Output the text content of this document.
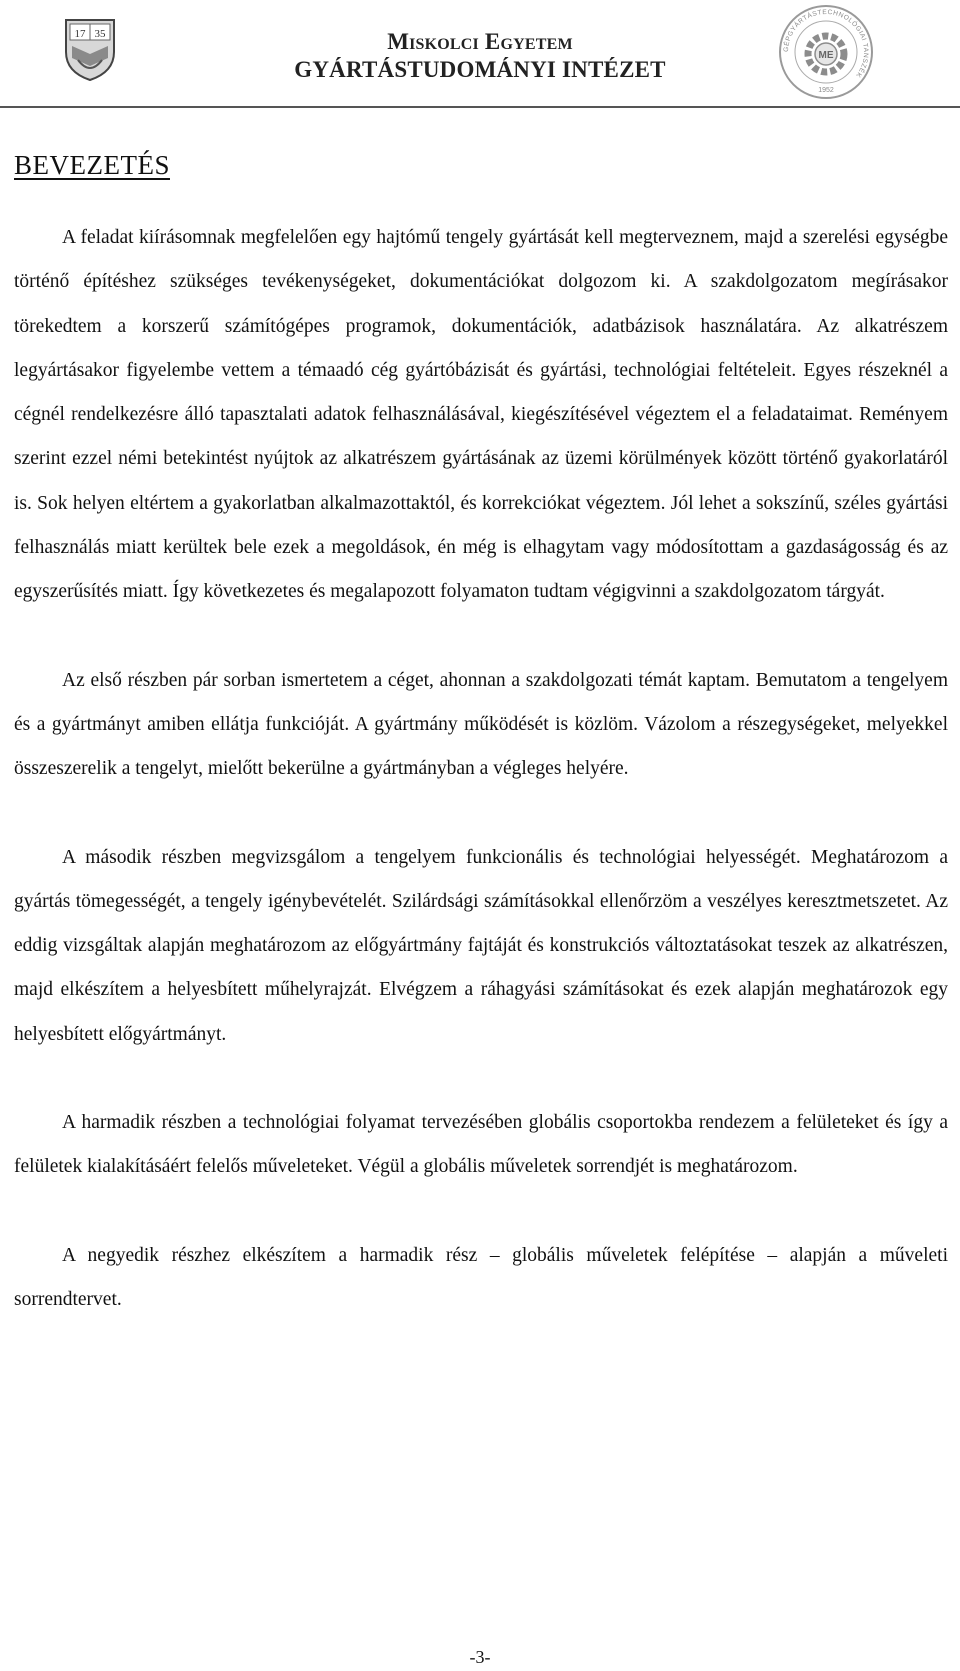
17 35	Miskolci Egyetem
GYÁRTÁSTUDOMÁNYI INTÉZET
GÉPGYÁRTÁSTECHNOLÓGIAI TANSZÉK
ME
1952
BEVEZETÉS

A feladat kiírásomnak megfelelően egy hajtómű tengely gyártását kell megterveznem, majd a szerelési egységbe történő építéshez szükséges tevékenységeket, dokumentációkat dolgozom ki. A szakdolgozatom megírásakor törekedtem a korszerű számítógépes programok, dokumentációk, adatbázisok használatára. Az alkatrészem legyártásakor figyelembe vettem a témaadó cég gyártóbázisát és gyártási, technológiai feltételeit. Egyes részeknél a cégnél rendelkezésre álló tapasztalati adatok felhasználásával, kiegészítésével végeztem el a feladataimat. Reményem szerint ezzel némi betekintést nyújtok az alkatrészem gyártásának az üzemi körülmények között történő gyakorlatáról is. Sok helyen eltértem a gyakorlatban alkalmazottaktól, és korrekciókat végeztem. Jól lehet a sokszínű, széles gyártási felhasználás miatt kerültek bele ezek a megoldások, én még is elhagytam vagy módosítottam a gazdaságosság és az egyszerűsítés miatt. Így következetes és megalapozott folyamaton tudtam végigvinni a szakdolgozatom tárgyát.

Az első részben pár sorban ismertetem a céget, ahonnan a szakdolgozati témát kaptam. Bemutatom a tengelyem és a gyártmányt amiben ellátja funkcióját. A gyártmány működését is közlöm. Vázolom a részegységeket, melyekkel összeszerelik a tengelyt, mielőtt bekerülne a gyártmányban a végleges helyére.

A második részben megvizsgálom a tengelyem funkcionális és technológiai helyességét. Meghatározom a gyártás tömegességét, a tengely igénybevételét. Szilárdsági számításokkal ellenőrzöm a veszélyes keresztmetszetet. Az eddig vizsgáltak alapján meghatározom az előgyártmány fajtáját és konstrukciós változtatásokat teszek az alkatrészen, majd elkészítem a helyesbített műhelyrajzát. Elvégzem a ráhagyási számításokat és ezek alapján meghatározok egy helyesbített előgyártmányt.

A harmadik részben a technológiai folyamat tervezésében globális csoportokba rendezem a felületeket és így a felületek kialakításáért felelős műveleteket. Végül a globális műveletek sorrendjét is meghatározom.

A negyedik részhez elkészítem a harmadik rész – globális műveletek felépítése – alapján a műveleti sorrendtervet.

-3-
